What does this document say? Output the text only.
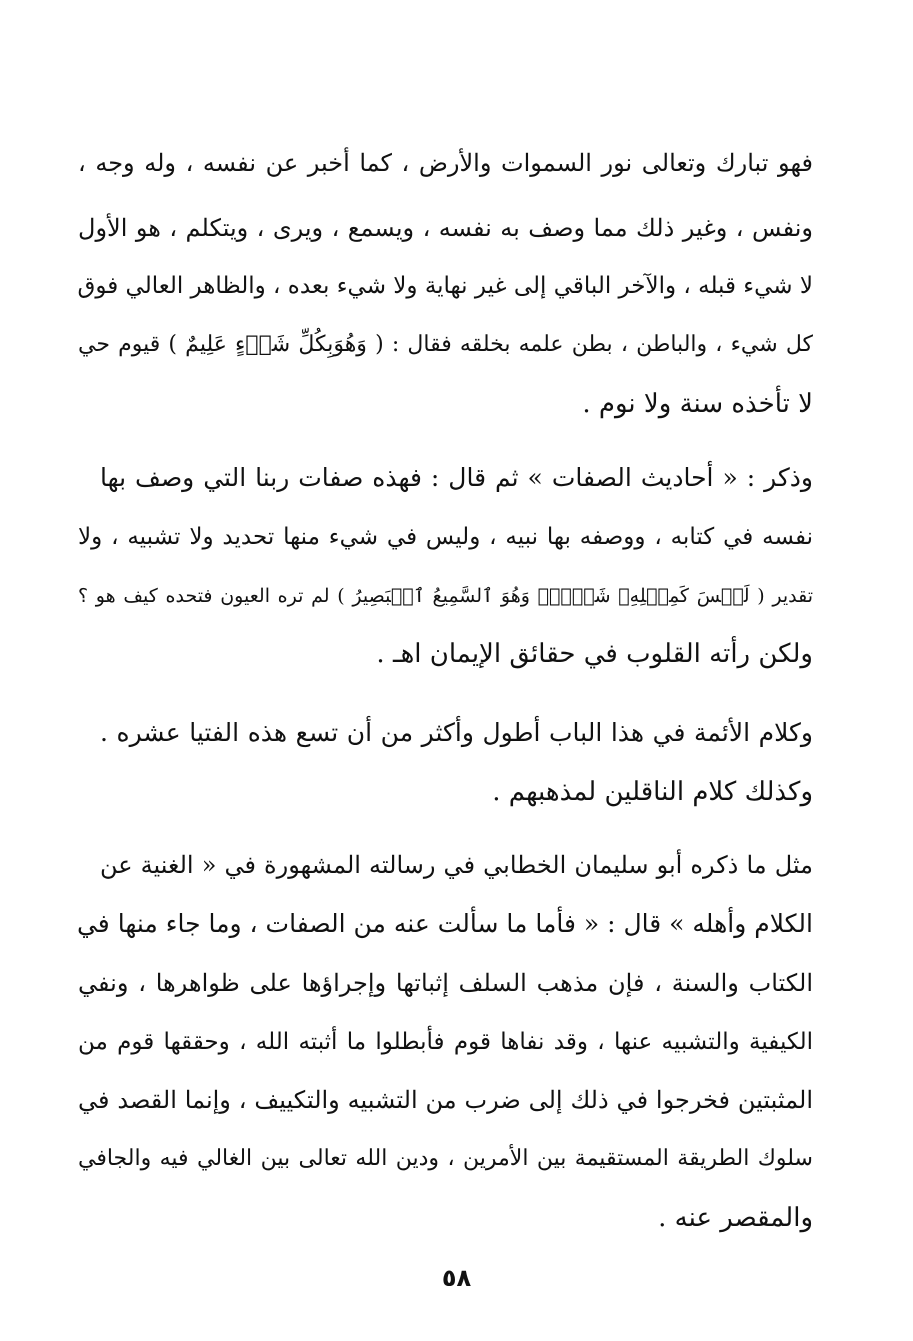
فهو تبارك وتعالى نور السموات والأرض ، كما أخبر عن نفسه ، وله وجه ،
ونفس ، وغير ذلك مما وصف به نفسه ، ويسمع ، ويرى ، ويتكلم ، هو الأول
لا شيء قبله ، والآخر الباقي إلى غير نهاية ولا شيء بعده ، والظاهر العالي فوق
كل شيء ، والباطن ، بطن علمه بخلقه فقال : ( وَهُوَبِكُلِّ شَىۡءٍ عَلِيمٌ ) قيوم حي
لا تأخذه سنة ولا نوم .
وذكر : « أحاديث الصفات » ثم قال : فهذه صفات ربنا التي وصف بها
نفسه في كتابه ، ووصفه بها نبيه ، وليس في شيء منها تحديد ولا تشبيه ، ولا
تقدير ( لَيۡسَ كَمِثۡلِهِۦ شَىۡءٌۖ وَهُوَ ٱلسَّمِيعُ ٱلۡبَصِيرُ ) لم تره العيون فتحده كيف هو ؟
ولكن رأته القلوب في حقائق الإيمان اهـ .
وكلام الأئمة في هذا الباب أطول وأكثر من أن تسع هذه الفتيا عشره .
وكذلك كلام الناقلين لمذهبهم .
مثل ما ذكره أبو سليمان الخطابي في رسالته المشهورة في « الغنية عن
الكلام وأهله » قال : « فأما ما سألت عنه من الصفات ، وما جاء منها في
الكتاب والسنة ، فإن مذهب السلف إثباتها وإجراؤها على ظواهرها ، ونفي
الكيفية والتشبيه عنها ، وقد نفاها قوم فأبطلوا ما أثبته الله ، وحققها قوم من
المثبتين فخرجوا في ذلك إلى ضرب من التشبيه والتكييف ، وإنما القصد في
سلوك الطريقة المستقيمة بين الأمرين ، ودين الله تعالى بين الغالي فيه والجافي
والمقصر عنه .
٥٨
